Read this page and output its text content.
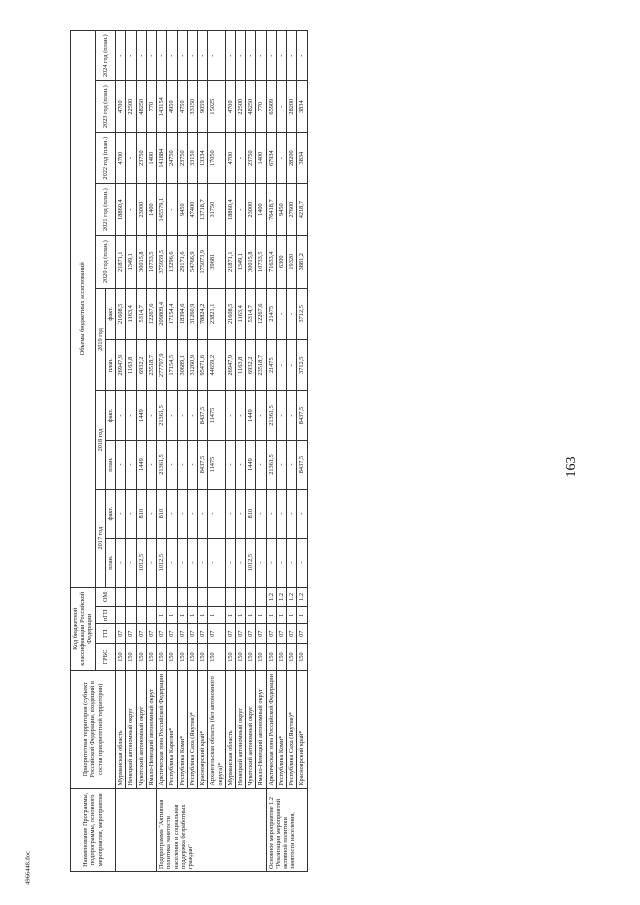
163
4966448.doc
Наименование Программы, подпрограммы, основного мероприятия, мероприятия	Приоритетная территория (субъект Российской Федерации, входящий в состав приоритетной территории)	Код бюджетной классификации Российской Федерации				Объемы бюджетных ассигнований										
		ГРБС	ГП	пГП	ОМ	2017 год		2018 год		2019 год		2020 год (план.)	2021 год (план.)	2022 год (план.)	2023 год (план.)	2024 год (план.)
						план.	факт.	план.	факт.	план.	факт.					
	Мурманская область	150	07			-	-	-	-	26947,9	21608,5	21871,1	18860,4	4700	4700	-
	Ненецкий автономный округ	150	07			-	-	-	-	1163,8	1163,4	1349,1	-	-	22500	-
	Чукотский автономный округ	150	07			1012,5	810	1449	1449	6932,2	5314,7	30015,8	23000	23750	48250	-
	Ямало-Ненецкий автономный округ	150	07			-	-	-	-	23518,7	12267,6	10733,5	1400	1400	770	-
Подпрограмма "Активная политика занятости населения и социальная поддержка безработных граждан"	Арктическая зона Российской Федерации	150	07	1		1012,5	810	21361,5	21361,5	277797,9	209809,4	375959,5	145579,1	141884	143154	-
	Республика Карелия*	150	07	1		-	-	-	-	17154,5	17154,4	13296,6	-	24750	4950	-
	Республика Коми*	150	07	1		-	-	-	-	30689,1	18394,6	29171,6	9450	23750	4750	-
	Республика Саха (Якутия)*	150	07	1		-	-	-	-	31260,9	31260,9	54766,9	47400	33150	33150	-
	Красноярский край*	150	07	1		-	-	8437,5	8437,5	95471,6	78824,2	175073,9	13718,7	13334	9059	-
	Архангельская область (без автономного округа)*	150	07	1		-	-	11475	11475	44659,2	23821,1	39681	31750	17050	15025	-
	Мурманская область	150	07	1		-	-	-	-	26947,9	21608,5	21871,1	18860,4	4700	4700	-
	Ненецкий автономный округ	150	07	1		-	-	-	-	1163,8	1163,4	1349,1	-	-	22500	-
	Чукотский автономный округ	150	07	1		1012,5	810	1449	1449	6932,2	5314,7	30015,8	23000	23750	48250	-
	Ямало-Ненецкий автономный округ	150	07	1		-	-	-	-	23518,7	12267,6	10733,5	1400	1400	770	-
Основное мероприятие 1.2 "Реализация мероприятий активной политики занятости населения,	Арктическая зона Российской Федерации	150	07	1	1.2	-	-	21361,5	21361,5	21475	21475	71633,4	76418,7	67934	65909	-
	Республика Коми*	150	07	1	1.2	-	-	-	-	-	-	6300	9450	-	-	-
	Республика Саха (Якутия)*	150	07	1	1.2	-	-	-	-	-	-	19320	27600	28200	28200	-
	Красноярский край*	150	07	1	1.2	-	-	8437,5	8437,5	3712,5	3712,5	3881,2	4218,7	3834	3834	-
